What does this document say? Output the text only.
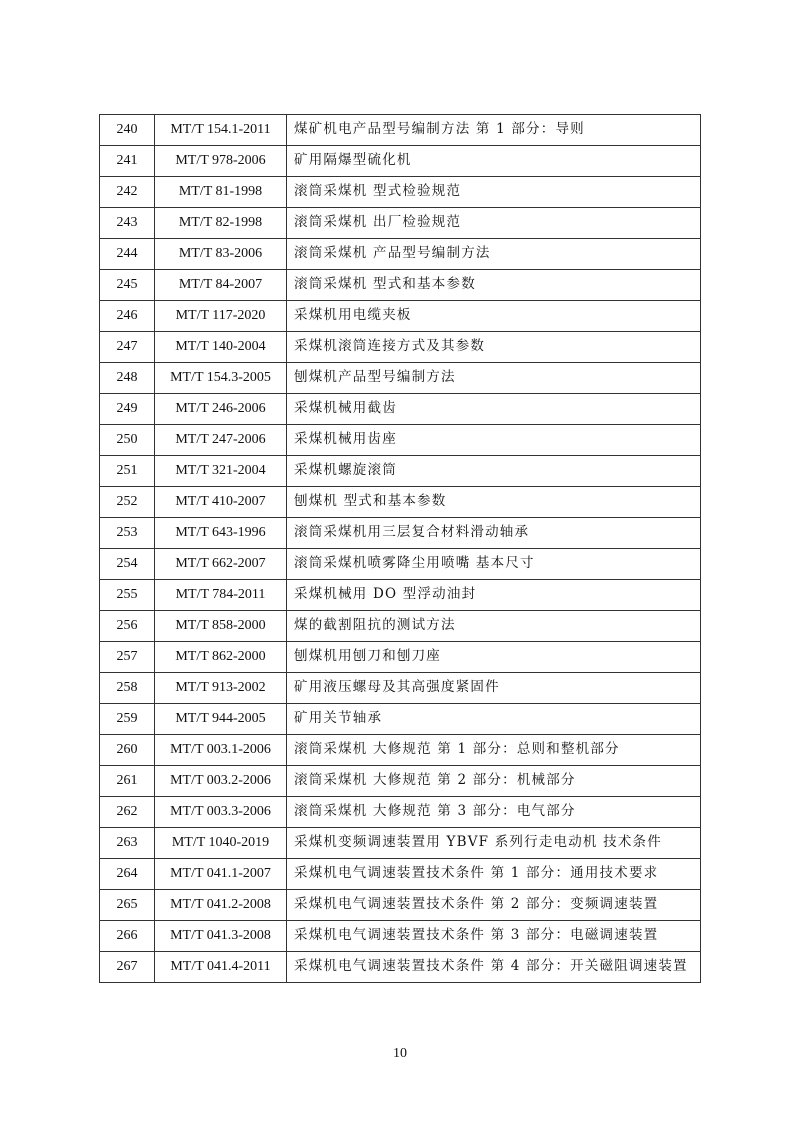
240	MT/T 154.1-2011	煤矿机电产品型号编制方法 第 1 部分：导则
241	MT/T 978-2006	矿用隔爆型硫化机
242	MT/T 81-1998	滚筒采煤机 型式检验规范
243	MT/T 82-1998	滚筒采煤机 出厂检验规范
244	MT/T 83-2006	滚筒采煤机 产品型号编制方法
245	MT/T 84-2007	滚筒采煤机 型式和基本参数
246	MT/T 117-2020	采煤机用电缆夹板
247	MT/T 140-2004	采煤机滚筒连接方式及其参数
248	MT/T 154.3-2005	刨煤机产品型号编制方法
249	MT/T 246-2006	采煤机械用截齿
250	MT/T 247-2006	采煤机械用齿座
251	MT/T 321-2004	采煤机螺旋滚筒
252	MT/T 410-2007	刨煤机 型式和基本参数
253	MT/T 643-1996	滚筒采煤机用三层复合材料滑动轴承
254	MT/T 662-2007	滚筒采煤机喷雾降尘用喷嘴 基本尺寸
255	MT/T 784-2011	采煤机械用 DO 型浮动油封
256	MT/T 858-2000	煤的截割阻抗的测试方法
257	MT/T 862-2000	刨煤机用刨刀和刨刀座
258	MT/T 913-2002	矿用液压螺母及其高强度紧固件
259	MT/T 944-2005	矿用关节轴承
260	MT/T 003.1-2006	滚筒采煤机 大修规范 第 1 部分：总则和整机部分
261	MT/T 003.2-2006	滚筒采煤机 大修规范 第 2 部分：机械部分
262	MT/T 003.3-2006	滚筒采煤机 大修规范 第 3 部分：电气部分
263	MT/T 1040-2019	采煤机变频调速装置用 YBVF 系列行走电动机 技术条件
264	MT/T 041.1-2007	采煤机电气调速装置技术条件 第 1 部分：通用技术要求
265	MT/T 041.2-2008	采煤机电气调速装置技术条件 第 2 部分：变频调速装置
266	MT/T 041.3-2008	采煤机电气调速装置技术条件 第 3 部分：电磁调速装置
267	MT/T 041.4-2011	采煤机电气调速装置技术条件 第 4 部分：开关磁阻调速装置
10
